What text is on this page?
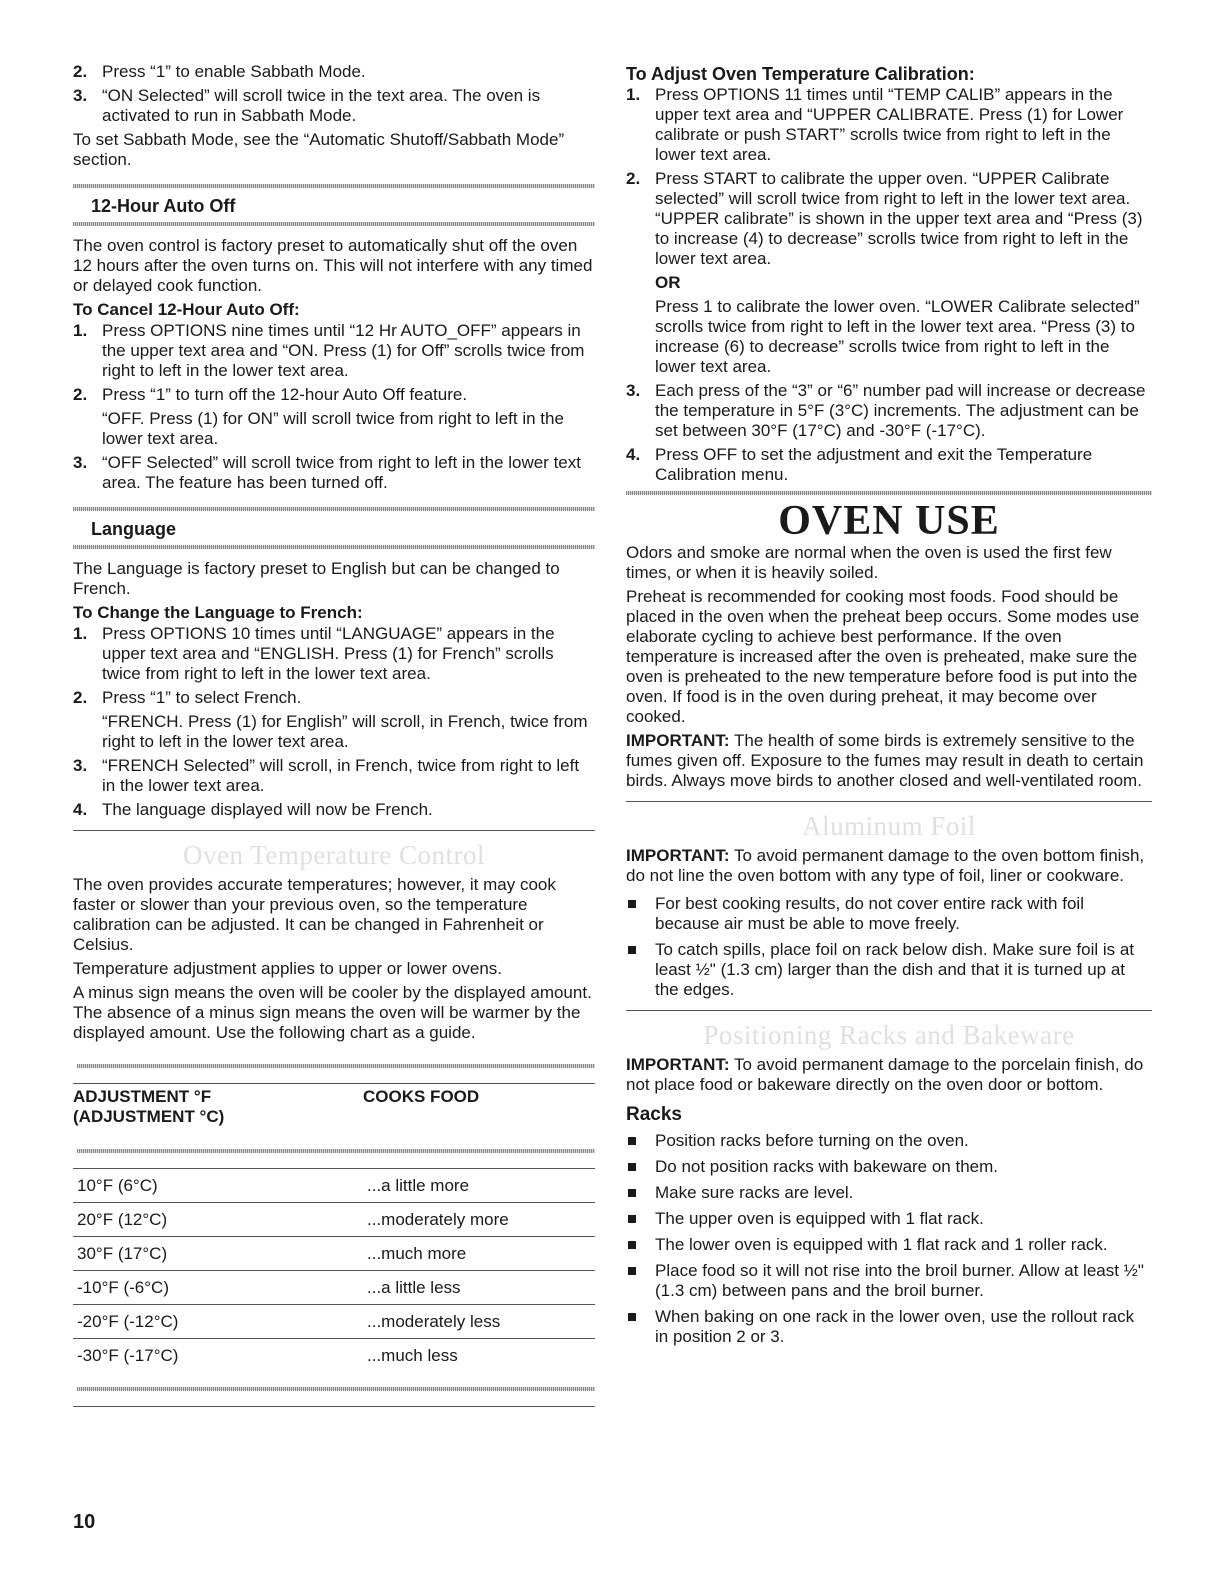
2. Press “1” to enable Sabbath Mode.
3. “ON Selected” will scroll twice in the text area. The oven is activated to run in Sabbath Mode.

To set Sabbath Mode, see the “Automatic Shutoff/Sabbath Mode” section.

12-Hour Auto Off

The oven control is factory preset to automatically shut off the oven 12 hours after the oven turns on. This will not interfere with any timed or delayed cook function.

To Cancel 12-Hour Auto Off:

1. Press OPTIONS nine times until “12 Hr AUTO_OFF” appears in the upper text area and “ON. Press (1) for Off” scrolls twice from right to left in the lower text area.
2. Press “1” to turn off the 12-hour Auto Off feature.
“OFF. Press (1) for ON” will scroll twice from right to left in the lower text area.
3. “OFF Selected” will scroll twice from right to left in the lower text area. The feature has been turned off.
Language

The Language is factory preset to English but can be changed to French.

To Change the Language to French:

1. Press OPTIONS 10 times until “LANGUAGE” appears in the upper text area and “ENGLISH. Press (1) for French” scrolls twice from right to left in the lower text area.
2. Press “1” to select French.
“FRENCH. Press (1) for English” will scroll, in French, twice from right to left in the lower text area.
3. “FRENCH Selected” will scroll, in French, twice from right to left in the lower text area.
4. The language displayed will now be French.
Oven Temperature Control

The oven provides accurate temperatures; however, it may cook faster or slower than your previous oven, so the temperature calibration can be adjusted. It can be changed in Fahrenheit or Celsius.

Temperature adjustment applies to upper or lower ovens.

A minus sign means the oven will be cooler by the displayed amount. The absence of a minus sign means the oven will be warmer by the displayed amount. Use the following chart as a guide.

ADJUSTMENT °F
(ADJUSTMENT °C)	COOKS FOOD

10°F (6°C)	...a little more
20°F (12°C)	...moderately more
30°F (17°C)	...much more
-10°F (-6°C)	...a little less
-20°F (-12°C)	...moderately less
-30°F (-17°C)	...much less

To Adjust Oven Temperature Calibration:

1. Press OPTIONS 11 times until “TEMP CALIB” appears in the upper text area and “UPPER CALIBRATE. Press (1) for Lower calibrate or push START” scrolls twice from right to left in the lower text area.
2. Press START to calibrate the upper oven. “UPPER Calibrate selected” will scroll twice from right to left in the lower text area. “UPPER calibrate” is shown in the upper text area and “Press (3) to increase (4) to decrease” scrolls twice from right to left in the lower text area.
OR
Press 1 to calibrate the lower oven. “LOWER Calibrate selected” scrolls twice from right to left in the lower text area. “Press (3) to increase (6) to decrease” scrolls twice from right to left in the lower text area.
3. Each press of the “3” or “6” number pad will increase or decrease the temperature in 5°F (3°C) increments. The adjustment can be set between 30°F (17°C) and -30°F (-17°C).
4. Press OFF to set the adjustment and exit the Temperature Calibration menu.
OVEN USE

Odors and smoke are normal when the oven is used the first few times, or when it is heavily soiled.

Preheat is recommended for cooking most foods. Food should be placed in the oven when the preheat beep occurs. Some modes use elaborate cycling to achieve best performance. If the oven temperature is increased after the oven is preheated, make sure the oven is preheated to the new temperature before food is put into the oven. If food is in the oven during preheat, it may become over cooked.

IMPORTANT: The health of some birds is extremely sensitive to the fumes given off. Exposure to the fumes may result in death to certain birds. Always move birds to another closed and well-ventilated room.

Aluminum Foil

IMPORTANT: To avoid permanent damage to the oven bottom finish, do not line the oven bottom with any type of foil, liner or cookware.

For best cooking results, do not cover entire rack with foil because air must be able to move freely.
To catch spills, place foil on rack below dish. Make sure foil is at least ½" (1.3 cm) larger than the dish and that it is turned up at the edges.
Positioning Racks and Bakeware

IMPORTANT: To avoid permanent damage to the porcelain finish, do not place food or bakeware directly on the oven door or bottom.

Racks

Position racks before turning on the oven.
Do not position racks with bakeware on them.
Make sure racks are level.
The upper oven is equipped with 1 flat rack.
The lower oven is equipped with 1 flat rack and 1 roller rack.
Place food so it will not rise into the broil burner. Allow at least ½" (1.3 cm) between pans and the broil burner.
When baking on one rack in the lower oven, use the rollout rack in position 2 or 3.
10
